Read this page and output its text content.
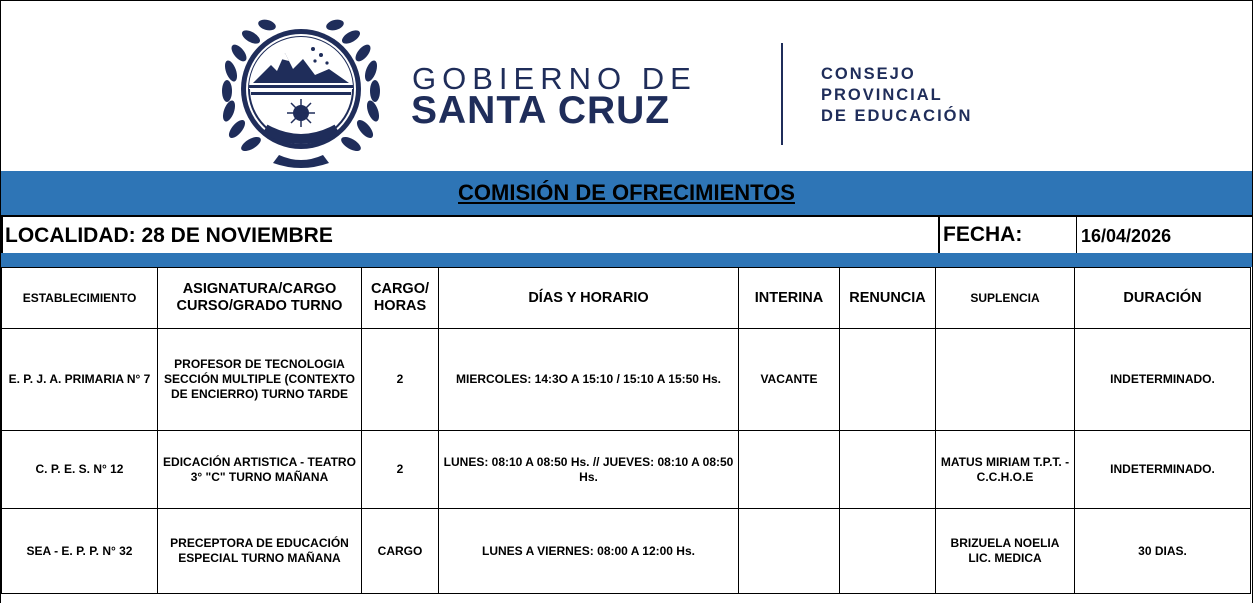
GOBIERNO DE
SANTA CRUZ
CONSEJO
PROVINCIAL
DE EDUCACIÓN
COMISIÓN DE OFRECIMIENTOS
LOCALIDAD: 28 DE NOVIEMBRE	FECHA:	16/04/2026
ESTABLECIMIENTO	ASIGNATURA/CARGO CURSO/GRADO TURNO	CARGO/ HORAS	DÍAS Y HORARIO	INTERINA	RENUNCIA	SUPLENCIA	DURACIÓN
E. P. J. A. PRIMARIA N° 7	PROFESOR DE TECNOLOGIA SECCIÓN MULTIPLE (CONTEXTO DE ENCIERRO) TURNO TARDE	2	MIERCOLES: 14:3O A 15:10 / 15:10 A 15:50 Hs.	VACANTE			INDETERMINADO.
C. P. E. S. N° 12	EDICACIÓN ARTISTICA - TEATRO 3° "C" TURNO MAÑANA	2	LUNES: 08:10 A 08:50 Hs. // JUEVES: 08:10 A 08:50 Hs.			MATUS MIRIAM T.P.T. - C.C.H.O.E	INDETERMINADO.
SEA - E. P. P. N° 32	PRECEPTORA DE EDUCACIÓN ESPECIAL TURNO MAÑANA	CARGO	LUNES A VIERNES: 08:00 A 12:00 Hs.			BRIZUELA NOELIA LIC. MEDICA	30 DIAS.
